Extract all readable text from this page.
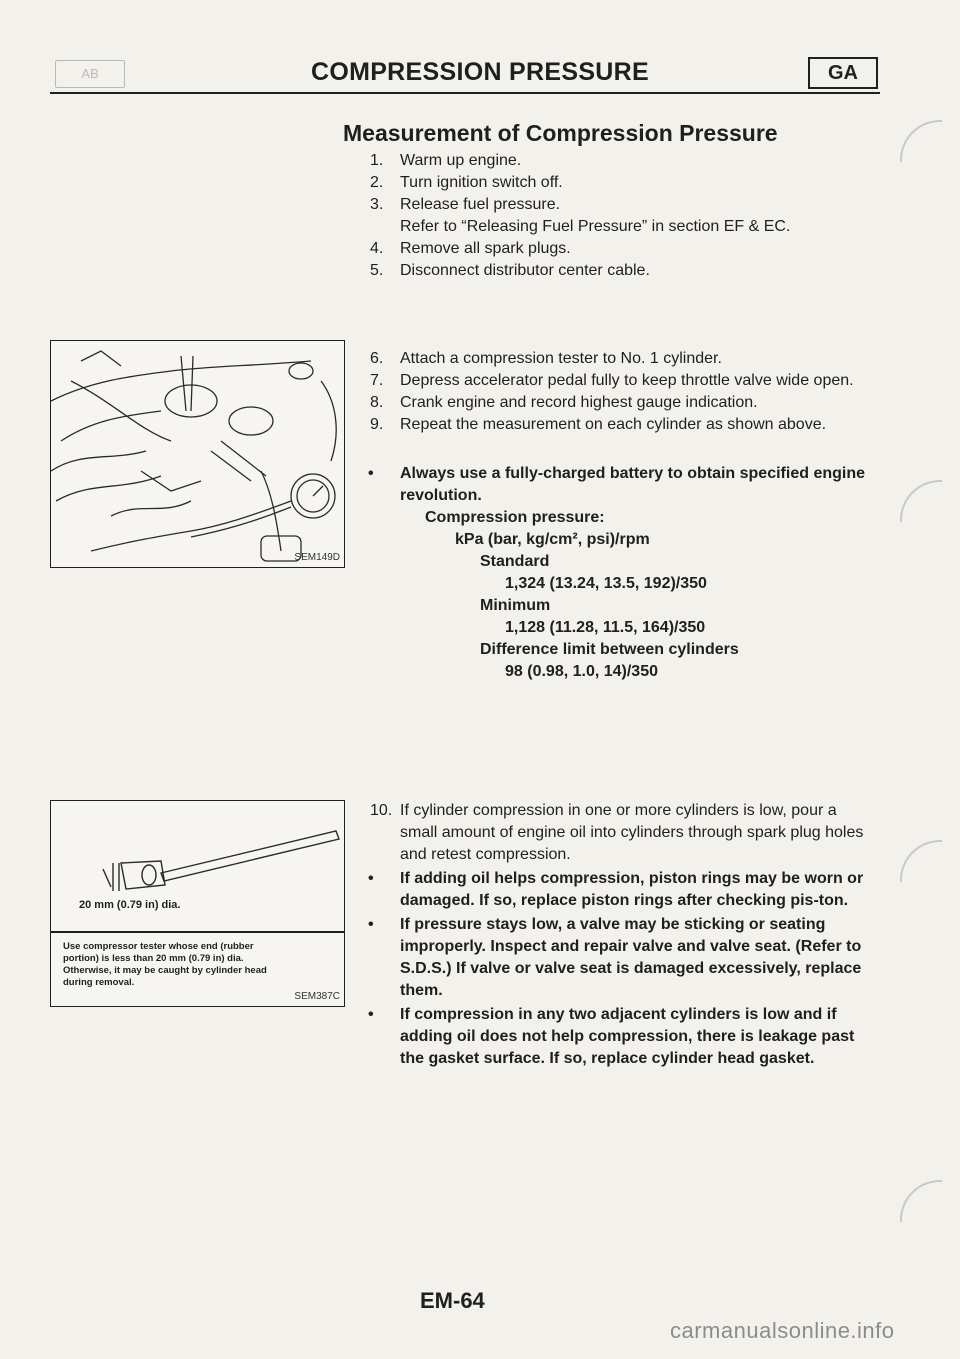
AB	COMPRESSION PRESSURE	GA
Measurement of Compression Pressure
1. Warm up engine.
2. Turn ignition switch off.
3. Release fuel pressure.
Refer to “Releasing Fuel Pressure” in section EF & EC.
4. Remove all spark plugs.
5. Disconnect distributor center cable.
SEM149D
6. Attach a compression tester to No. 1 cylinder.
7. Depress accelerator pedal fully to keep throttle valve wide open.
8. Crank engine and record highest gauge indication.
9. Repeat the measurement on each cylinder as shown above.
• Always use a fully-charged battery to obtain specified engine revolution.
Compression pressure:
kPa (bar, kg/cm², psi)/rpm
Standard
1,324 (13.24, 13.5, 192)/350
Minimum
1,128 (11.28, 11.5, 164)/350
Difference limit between cylinders
98 (0.98, 1.0, 14)/350
20 mm (0.79 in) dia.
Use compressor tester whose end (rubber portion) is less than 20 mm (0.79 in) dia. Otherwise, it may be caught by cylinder head during removal.
SEM387C
10. If cylinder compression in one or more cylinders is low, pour a small amount of engine oil into cylinders through spark plug holes and retest compression.
• If adding oil helps compression, piston rings may be worn or damaged. If so, replace piston rings after checking pis-ton.
• If pressure stays low, a valve may be sticking or seating improperly. Inspect and repair valve and valve seat. (Refer to S.D.S.) If valve or valve seat is damaged excessively, replace them.
• If compression in any two adjacent cylinders is low and if adding oil does not help compression, there is leakage past the gasket surface. If so, replace cylinder head gasket.
EM-64
carmanualsonline.info
